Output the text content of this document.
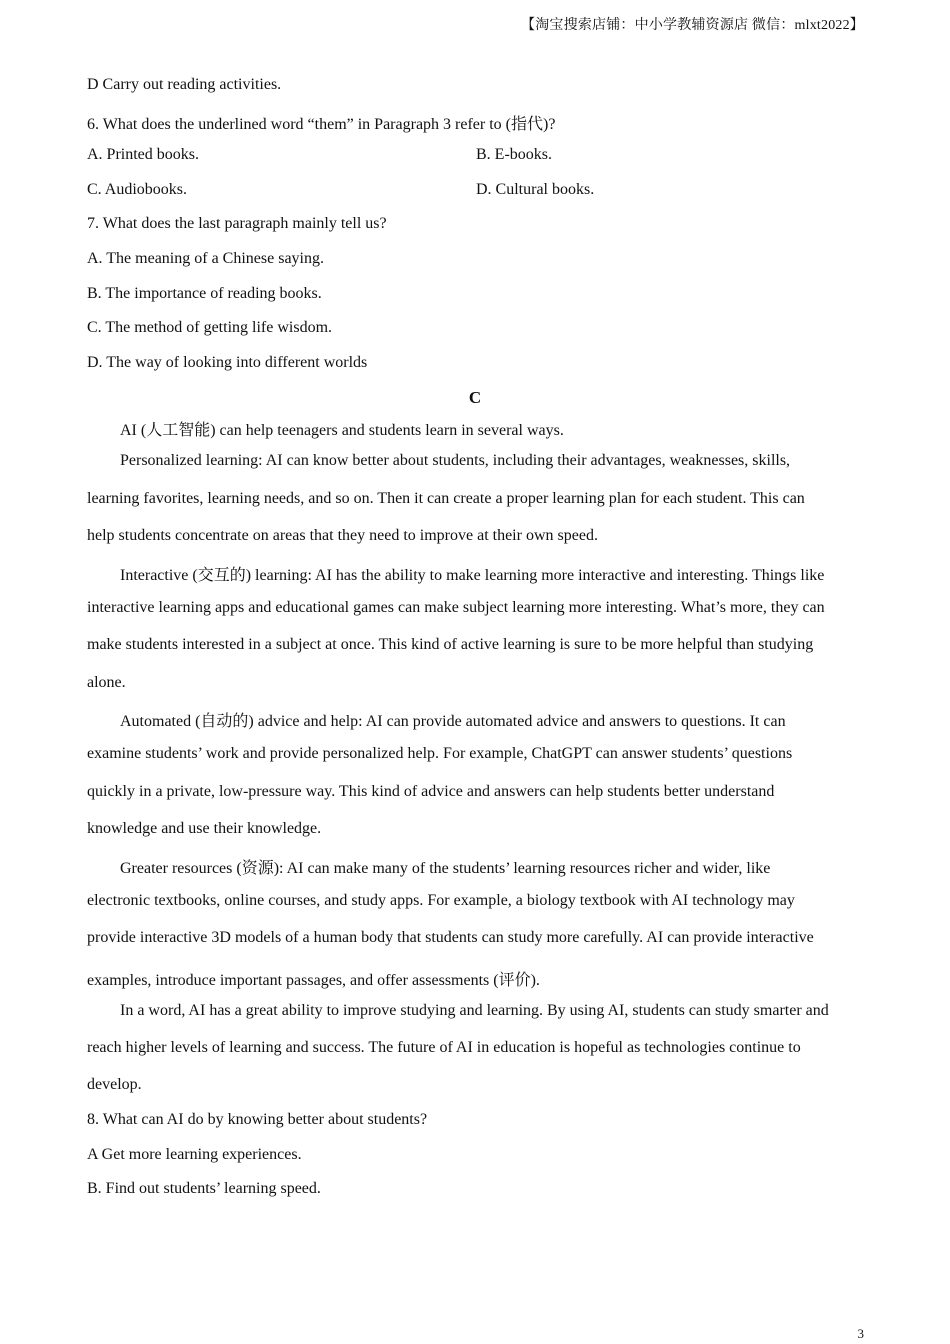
【淘宝搜索店铺：中小学教辅资源店 微信：mlxt2022】
D Carry out reading activities.
6. What does the underlined word “them” in Paragraph 3 refer to (指代)?
A. Printed books.	B. E-books.
C. Audiobooks.	D. Cultural books.
7. What does the last paragraph mainly tell us?
A. The meaning of a Chinese saying.
B. The importance of reading books.
C. The method of getting life wisdom.
D. The way of looking into different worlds
C
AI (人工智能) can help teenagers and students learn in several ways.
Personalized learning: AI can know better about students, including their advantages, weaknesses, skills,
learning favorites, learning needs, and so on. Then it can create a proper learning plan for each student. This can
help students concentrate on areas that they need to improve at their own speed.
Interactive (交互的) learning: AI has the ability to make learning more interactive and interesting. Things like
interactive learning apps and educational games can make subject learning more interesting. What’s more, they can
make students interested in a subject at once. This kind of active learning is sure to be more helpful than studying
alone.
Automated (自动的) advice and help: AI can provide automated advice and answers to questions. It can
examine students’ work and provide personalized help. For example, ChatGPT can answer students’ questions
quickly in a private, low-pressure way. This kind of advice and answers can help students better understand
knowledge and use their knowledge.
Greater resources (资源): AI can make many of the students’ learning resources richer and wider, like
electronic textbooks, online courses, and study apps. For example, a biology textbook with AI technology may
provide interactive 3D models of a human body that students can study more carefully. AI can provide interactive
examples, introduce important passages, and offer assessments (评价).
In a word, AI has a great ability to improve studying and learning. By using AI, students can study smarter and
reach higher levels of learning and success. The future of AI in education is hopeful as technologies continue to
develop.
8. What can AI do by knowing better about students?
A Get more learning experiences.
B. Find out students’ learning speed.
3
